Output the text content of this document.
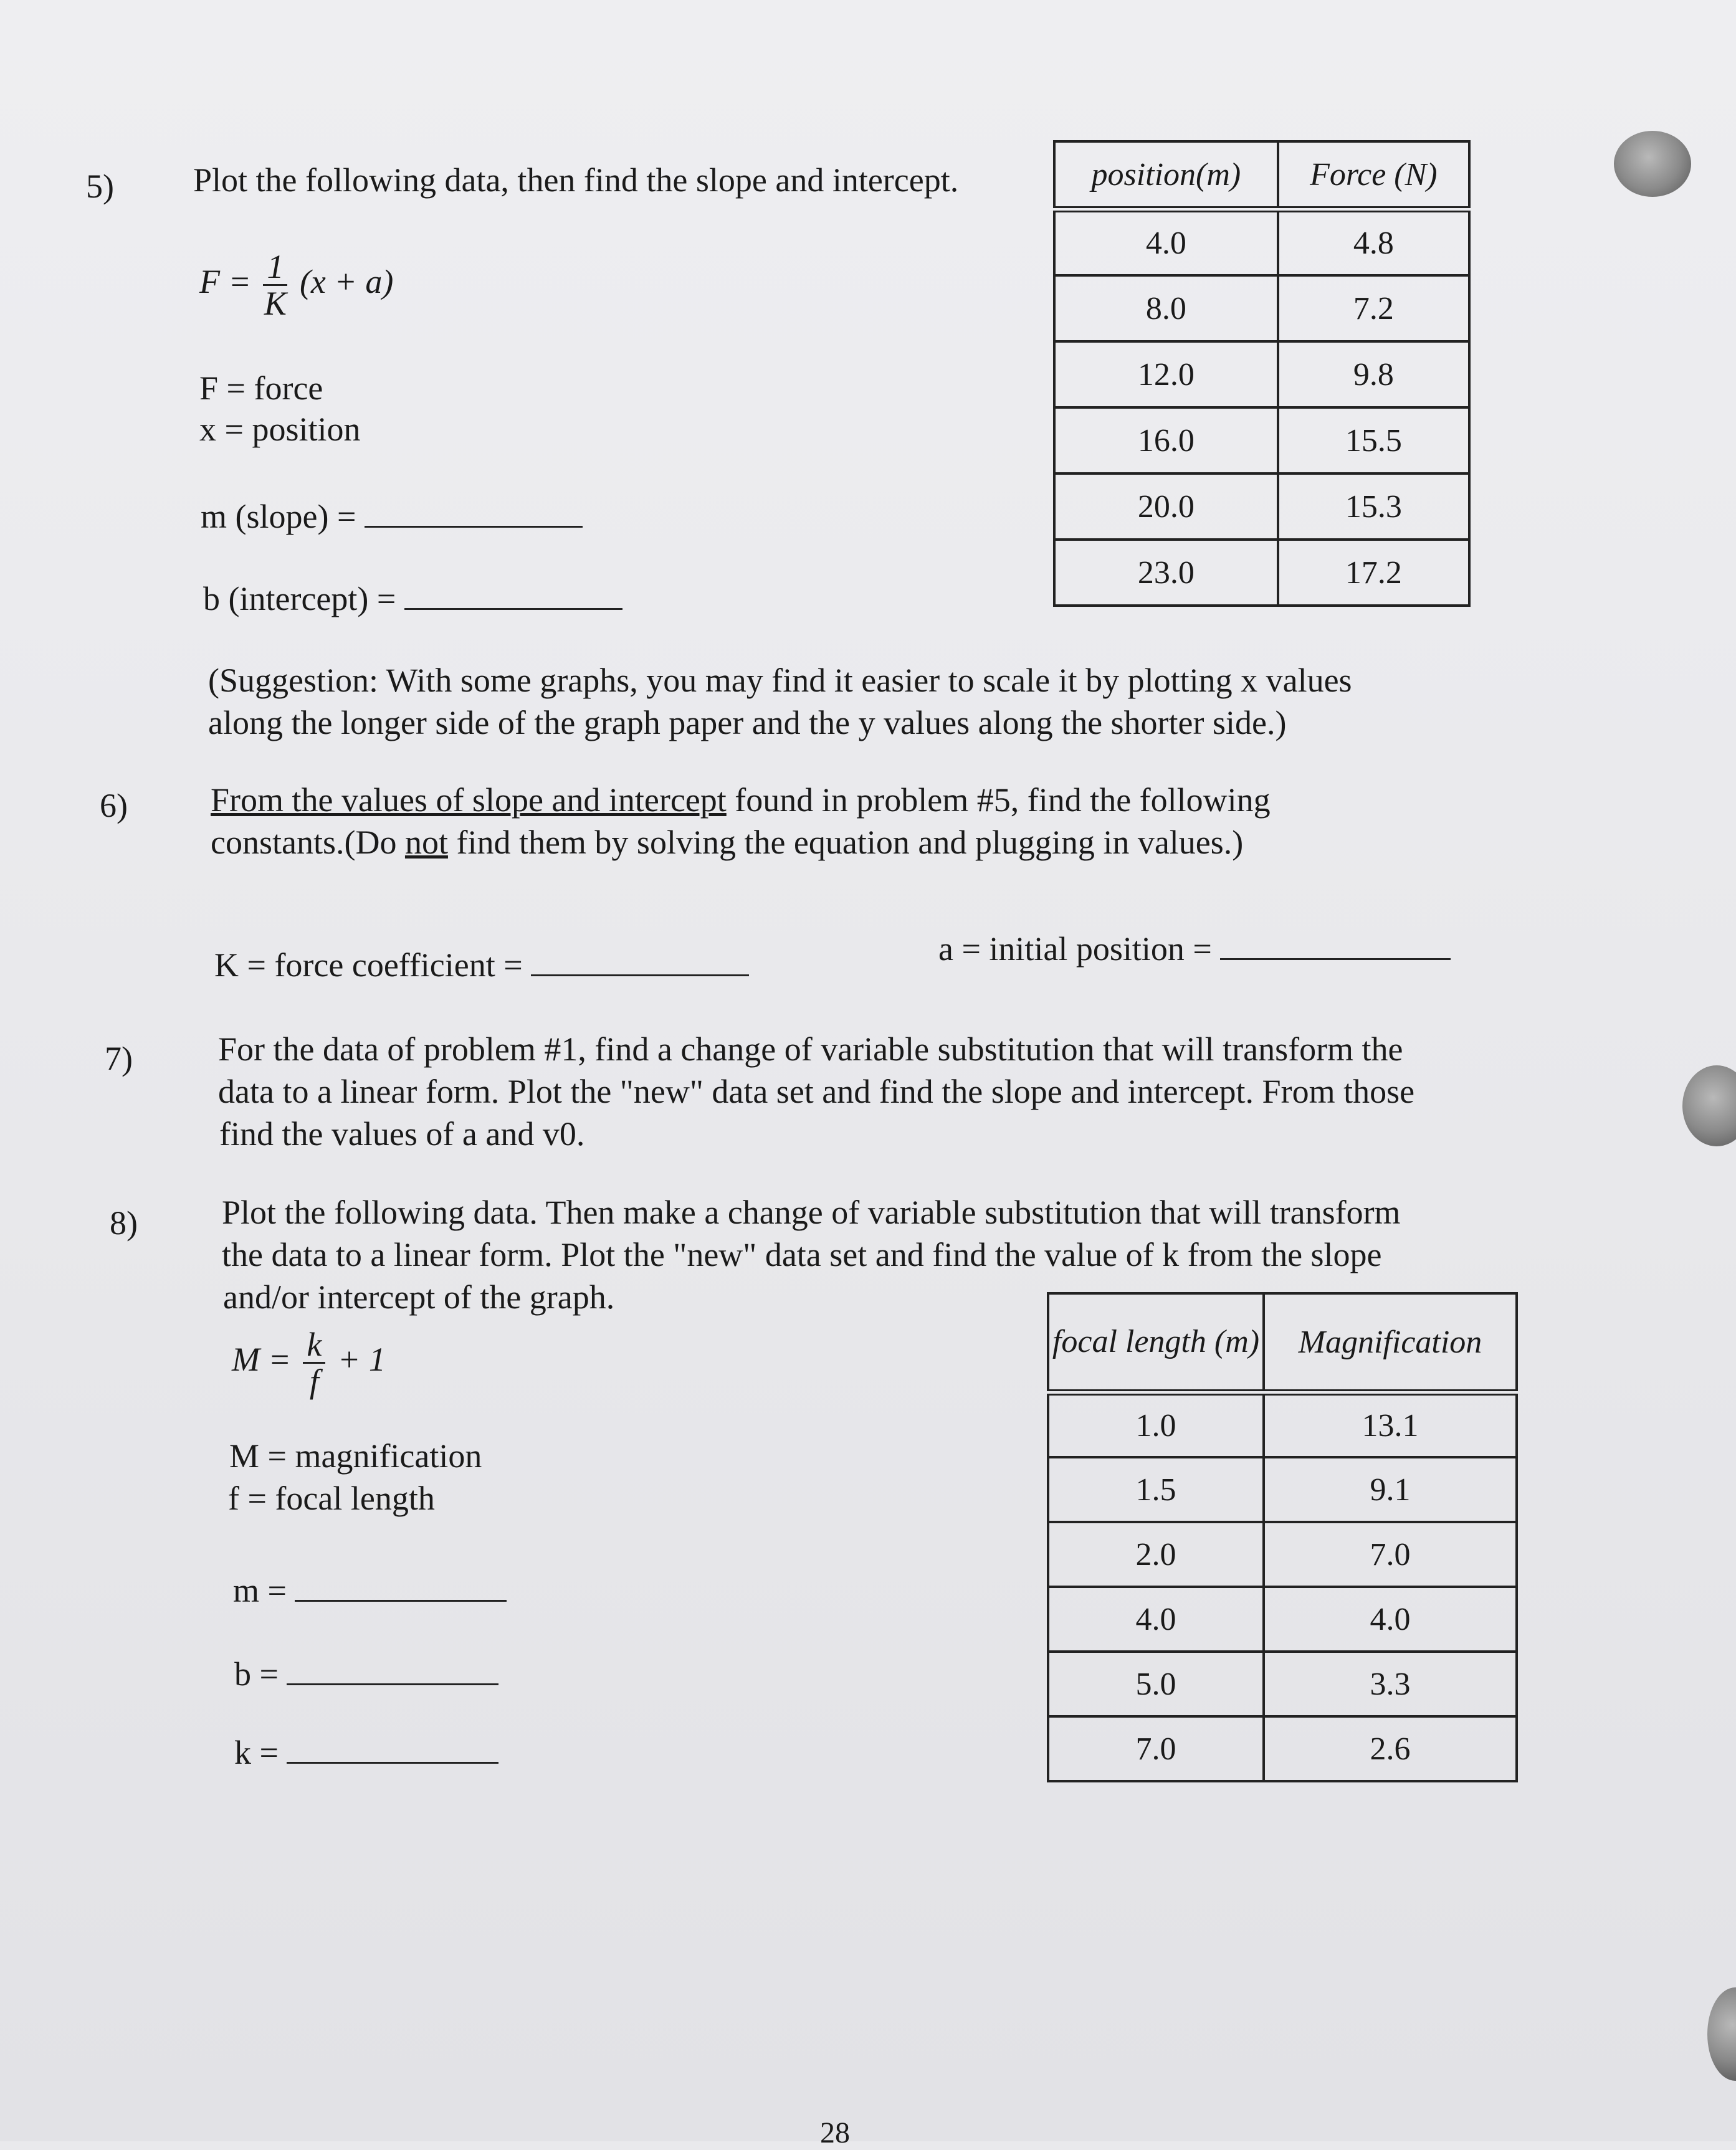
5) Plot the following data, then find the slope and intercept.
$F = \frac{1}{K} (x + a)$
F = force
x = position
m (slope) =
b (intercept) =
position(m)	Force (N)
4.0	4.8
8.0	7.2
12.0	9.8
16.0	15.5
20.0	15.3
23.0	17.2
(Suggestion: With some graphs, you may find it easier to scale it by plotting x values
along the longer side of the graph paper and the y values along the shorter side.)
6) From the values of slope and intercept found in problem #5, find the following
constants.(Do not find them by solving the equation and plugging in values.)
K = force coefficient =	a = initial position =
7)	For the data of problem #1, find a change of variable substitution that will transform the
data to a linear form. Plot the "new" data set and find the slope and intercept. From those
find the values of a and v0.
8)	Plot the following data. Then make a change of variable substitution that will transform
the data to a linear form. Plot the "new" data set and find the value of k from the slope
and/or intercept of the graph.
$M = \frac{k}{f} + 1$
M = magnification
f = focal length
m =
b =
k =
focal length (m)	Magnification
1.0	13.1
1.5	9.1
2.0	7.0
4.0	4.0
5.0	3.3
7.0	2.6
28
